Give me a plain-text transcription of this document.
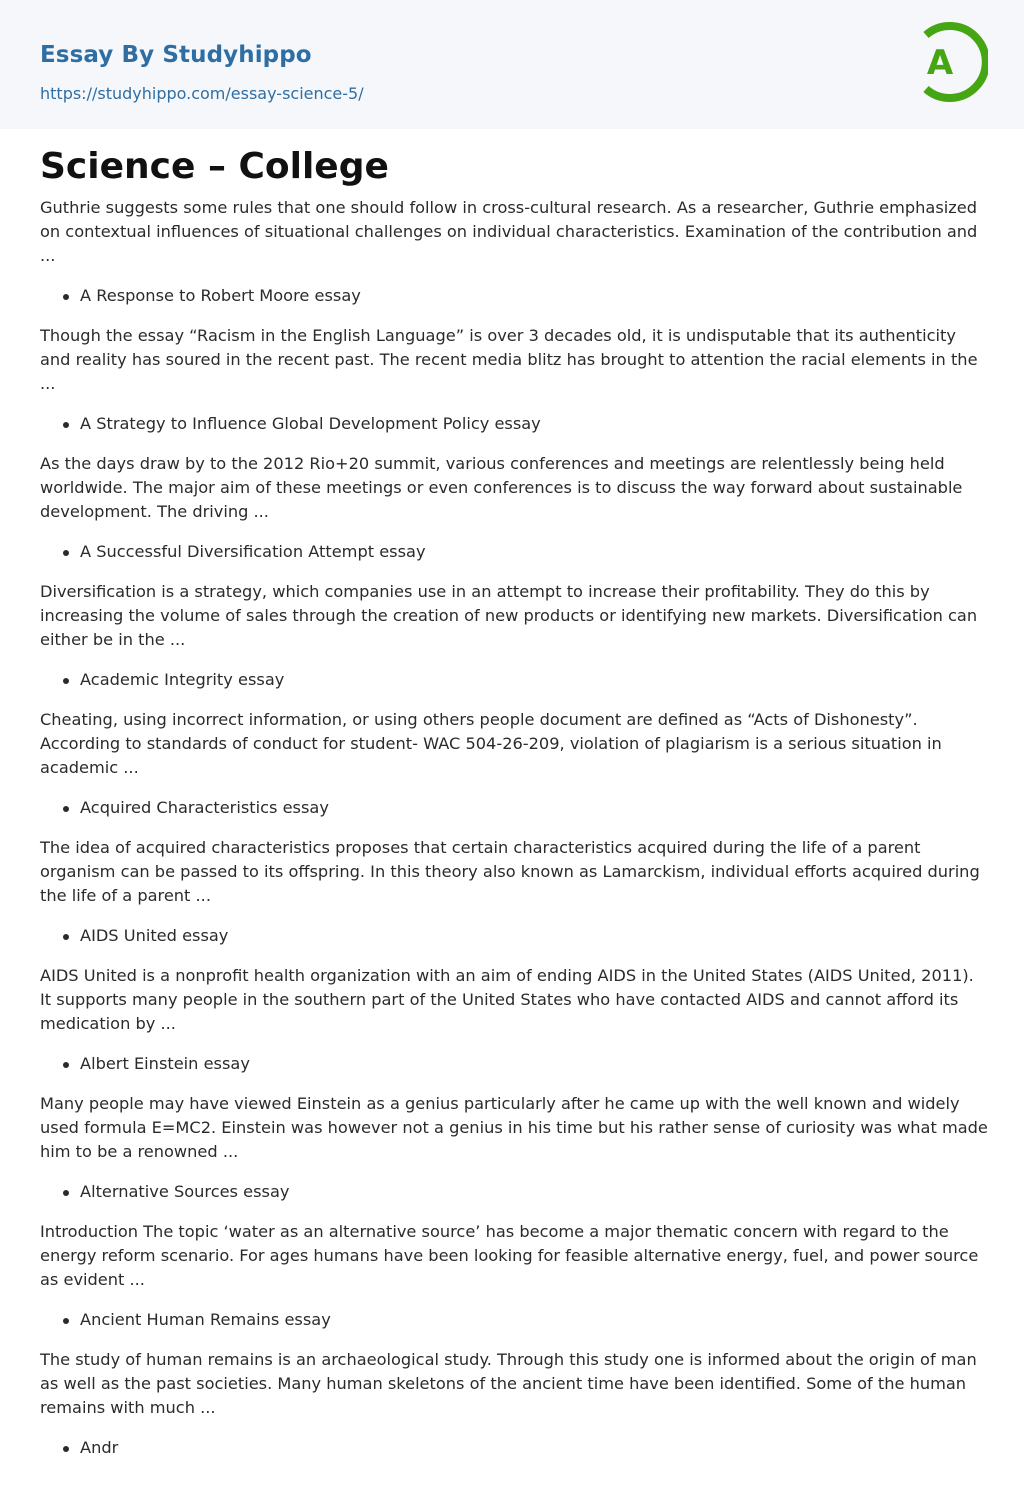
Essay By Studyhippo
https://studyhippo.com/essay-science-5/
A
Science – College

Guthrie suggests some rules that one should follow in cross-cultural research. As a researcher, Guthrie emphasized on contextual influences of situational challenges on individual characteristics. Examination of the contribution and ...

A Response to Robert Moore essay

Though the essay “Racism in the English Language” is over 3 decades old, it is undisputable that its authenticity and reality has soured in the recent past. The recent media blitz has brought to attention the racial elements in the ...

A Strategy to Influence Global Development Policy essay

As the days draw by to the 2012 Rio+20 summit, various conferences and meetings are relentlessly being held worldwide. The major aim of these meetings or even conferences is to discuss the way forward about sustainable development. The driving ...

A Successful Diversification Attempt essay

Diversification is a strategy, which companies use in an attempt to increase their profitability. They do this by increasing the volume of sales through the creation of new products or identifying new markets. Diversification can either be in the ...

Academic Integrity essay

Cheating, using incorrect information, or using others people document are defined as “Acts of Dishonesty”. According to standards of conduct for student- WAC 504-26-209, violation of plagiarism is a serious situation in academic ...

Acquired Characteristics essay

The idea of acquired characteristics proposes that certain characteristics acquired during the life of a parent organism can be passed to its offspring. In this theory also known as Lamarckism, individual efforts acquired during the life of a parent ...

AIDS United essay

AIDS United is a nonprofit health organization with an aim of ending AIDS in the United States (AIDS United, 2011). It supports many people in the southern part of the United States who have contacted AIDS and cannot afford its medication by ...

Albert Einstein essay

Many people may have viewed Einstein as a genius particularly after he came up with the well known and widely used formula E=MC2. Einstein was however not a genius in his time but his rather sense of curiosity was what made him to be a renowned ...

Alternative Sources essay

Introduction The topic ‘water as an alternative source’ has become a major thematic concern with regard to the energy reform scenario. For ages humans have been looking for feasible alternative energy, fuel, and power source as evident ...

Ancient Human Remains essay

The study of human remains is an archaeological study. Through this study one is informed about the origin of man as well as the past societies. Many human skeletons of the ancient time have been identified. Some of the human remains with much ...

Andr
